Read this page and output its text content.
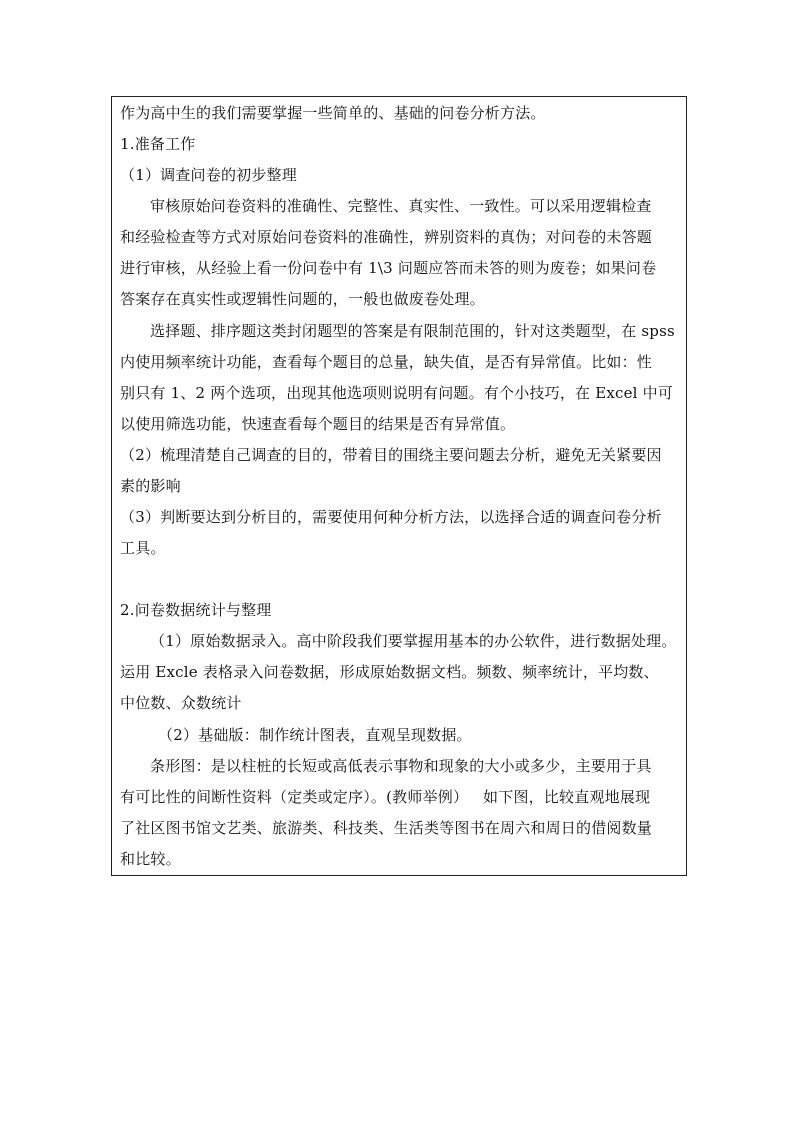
作为高中生的我们需要掌握一些简单的、基础的问卷分析方法。
1.准备工作
（1）调查问卷的初步整理
审核原始问卷资料的准确性、完整性、真实性、一致性。可以采用逻辑检查
和经验检查等方式对原始问卷资料的准确性，辨别资料的真伪；对问卷的未答题
进行审核，从经验上看一份问卷中有 1\3 问题应答而未答的则为废卷；如果问卷
答案存在真实性或逻辑性问题的，一般也做废卷处理。
选择题、排序题这类封闭题型的答案是有限制范围的，针对这类题型，在 spss
内使用频率统计功能，查看每个题目的总量，缺失值，是否有异常值。比如：性
别只有 1、2 两个选项，出现其他选项则说明有问题。有个小技巧，在 Excel 中可
以使用筛选功能，快速查看每个题目的结果是否有异常值。
（2）梳理清楚自己调查的目的，带着目的围绕主要问题去分析，避免无关紧要因
素的影响
（3）判断要达到分析目的，需要使用何种分析方法，以选择合适的调查问卷分析
工具。
2.问卷数据统计与整理
（1）原始数据录入。高中阶段我们要掌握用基本的办公软件，进行数据处理。
运用 Excle 表格录入问卷数据，形成原始数据文档。频数、频率统计，平均数、
中位数、众数统计
（2）基础版：制作统计图表，直观呈现数据。
条形图：是以柱桩的长短或高低表示事物和现象的大小或多少，主要用于具
有可比性的间断性资料（定类或定序）。(教师举例）   如下图，比较直观地展现
了社区图书馆文艺类、旅游类、科技类、生活类等图书在周六和周日的借阅数量
和比较。
